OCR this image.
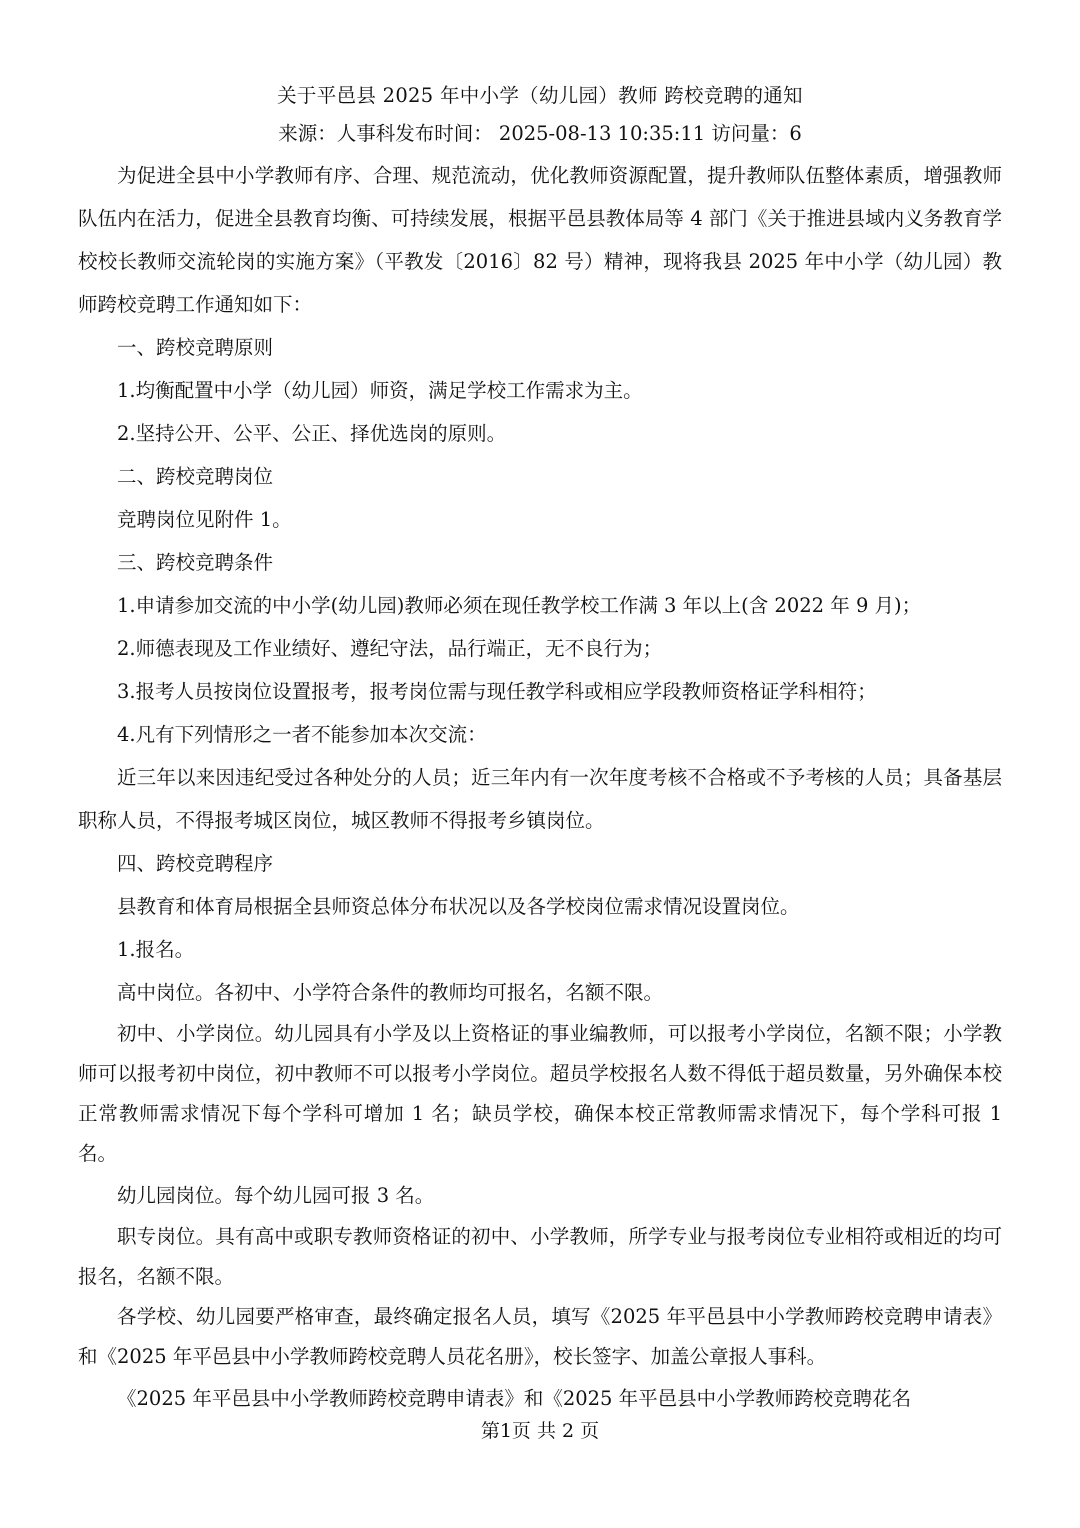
关于平邑县 2025 年中小学（幼儿园）教师 跨校竞聘的通知
来源：人事科发布时间： 2025-08-13 10:35:11 访问量：6

为促进全县中小学教师有序、合理、规范流动，优化教师资源配置，提升教师队伍整体素质，增强教师队伍内在活力，促进全县教育均衡、可持续发展，根据平邑县教体局等 4 部门《关于推进县域内义务教育学校校长教师交流轮岗的实施方案》（平教发〔2016〕82 号）精神，现将我县 2025 年中小学（幼儿园）教师跨校竞聘工作通知如下：

一、跨校竞聘原则

1.均衡配置中小学（幼儿园）师资，满足学校工作需求为主。

2.坚持公开、公平、公正、择优选岗的原则。

二、跨校竞聘岗位

竞聘岗位见附件 1。

三、跨校竞聘条件

1.申请参加交流的中小学(幼儿园)教师必须在现任教学校工作满 3 年以上(含 2022 年 9 月)；

2.师德表现及工作业绩好、遵纪守法，品行端正，无不良行为；

3.报考人员按岗位设置报考，报考岗位需与现任教学科或相应学段教师资格证学科相符；

4.凡有下列情形之一者不能参加本次交流：

近三年以来因违纪受过各种处分的人员；近三年内有一次年度考核不合格或不予考核的人员；具备基层职称人员，不得报考城区岗位，城区教师不得报考乡镇岗位。

四、跨校竞聘程序

县教育和体育局根据全县师资总体分布状况以及各学校岗位需求情况设置岗位。

1.报名。

高中岗位。各初中、小学符合条件的教师均可报名，名额不限。

初中、小学岗位。幼儿园具有小学及以上资格证的事业编教师，可以报考小学岗位，名额不限；小学教师可以报考初中岗位，初中教师不可以报考小学岗位。超员学校报名人数不得低于超员数量，另外确保本校正常教师需求情况下每个学科可增加 1 名；缺员学校，确保本校正常教师需求情况下，每个学科可报 1 名。

幼儿园岗位。每个幼儿园可报 3 名。

职专岗位。具有高中或职专教师资格证的初中、小学教师，所学专业与报考岗位专业相符或相近的均可报名，名额不限。

各学校、幼儿园要严格审查，最终确定报名人员，填写《2025 年平邑县中小学教师跨校竞聘申请表》和《2025 年平邑县中小学教师跨校竞聘人员花名册》，校长签字、加盖公章报人事科。

《2025 年平邑县中小学教师跨校竞聘申请表》和《2025 年平邑县中小学教师跨校竞聘花名

第1页 共 2 页
